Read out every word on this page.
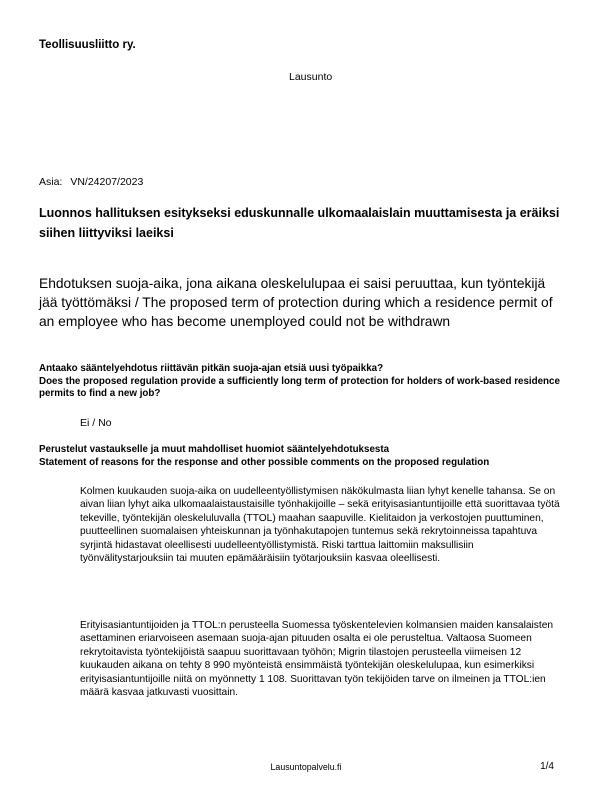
Teollisuusliitto ry.
Lausunto
Asia: VN/24207/2023
Luonnos hallituksen esitykseksi eduskunnalle ulkomaalaislain muuttamisesta ja eräiksi siihen liittyviksi laeiksi
Ehdotuksen suoja-aika, jona aikana oleskelulupaa ei saisi peruuttaa, kun työntekijä jää työttömäksi / The proposed term of protection during which a residence permit of an employee who has become unemployed could not be withdrawn
Antaako sääntelyehdotus riittävän pitkän suoja-ajan etsiä uusi työpaikka?
Does the proposed regulation provide a sufficiently long term of protection for holders of work-based residence permits to find a new job?
Ei / No
Perustelut vastaukselle ja muut mahdolliset huomiot sääntelyehdotuksesta
Statement of reasons for the response and other possible comments on the proposed regulation

Kolmen kuukauden suoja-aika on uudelleentyöllistymisen näkökulmasta liian lyhyt kenelle tahansa. Se on aivan liian lyhyt aika ulkomaalaistaustaisille työnhakijoille – sekä erityisasiantuntijoille että suorittavaa työtä tekeville, työntekijän oleskeluluvalla (TTOL) maahan saapuville. Kielitaidon ja verkostojen puuttuminen, puutteellinen suomalaisen yhteiskunnan ja työnhakutapojen tuntemus sekä rekrytoinneissa tapahtuva syrjintä hidastavat oleellisesti uudelleentyöllistymistä. Riski tarttua laittomiin maksullisiin työnvälitystarjouksiin tai muuten epämääräisiin työtarjouksiin kasvaa oleellisesti.

Erityisasiantuntijoiden ja TTOL:n perusteella Suomessa työskentelevien kolmansien maiden kansalaisten asettaminen eriarvoiseen asemaan suoja-ajan pituuden osalta ei ole perusteltua. Valtaosa Suomeen rekrytoitavista työntekijöistä saapuu suorittavaan työhön; Migrin tilastojen perusteella viimeisen 12 kuukauden aikana on tehty 8 990 myönteistä ensimmäistä työntekijän oleskelulupaa, kun esimerkiksi erityisasiantuntijoille niitä on myönnetty 1 108. Suorittavan työn tekijöiden tarve on ilmeinen ja TTOL:ien määrä kasvaa jatkuvasti vuosittain.

Lausuntopalvelu.fi	1/4
